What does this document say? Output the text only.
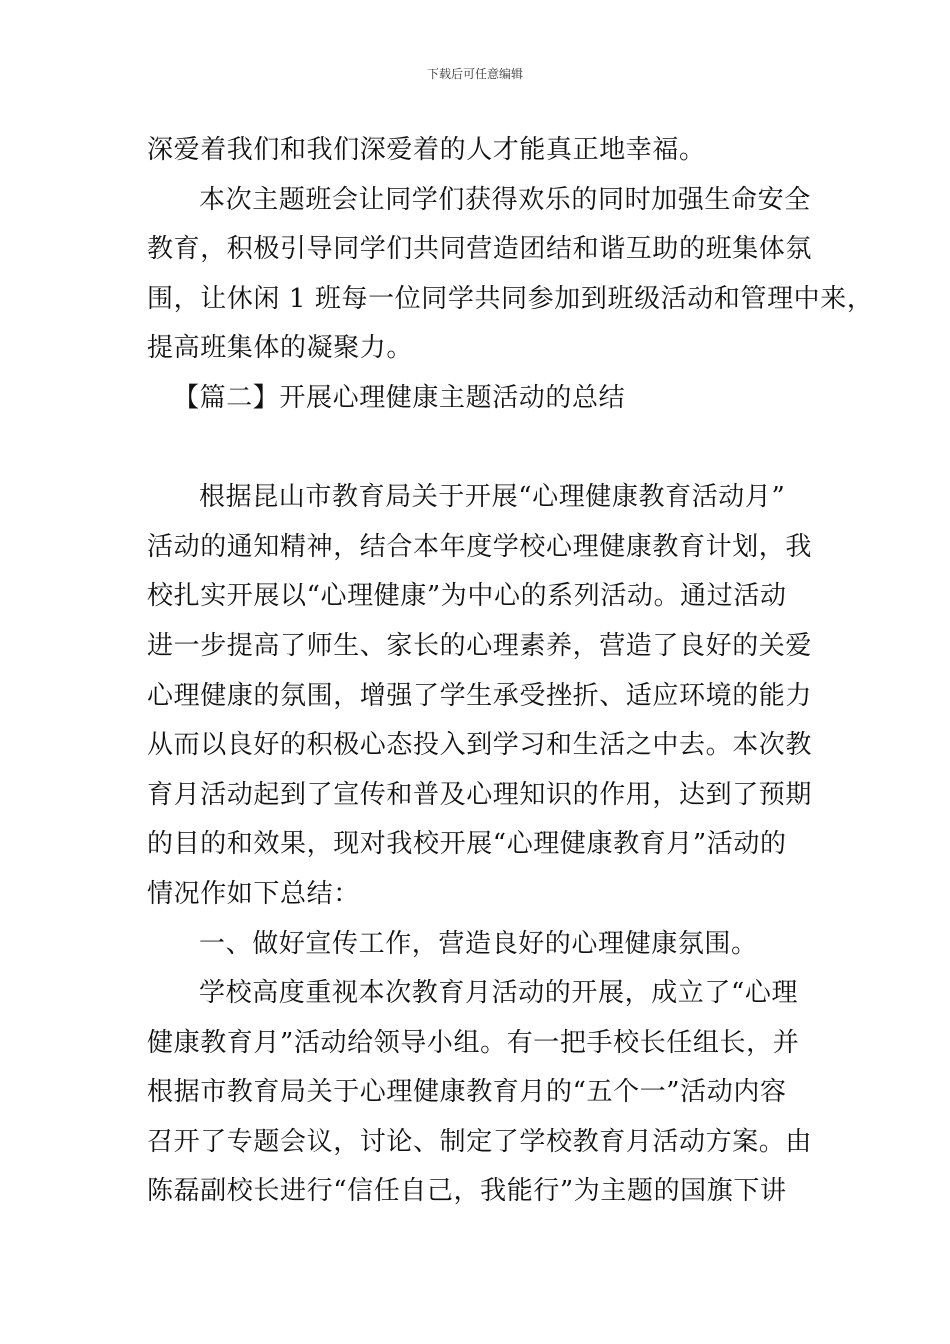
下载后可任意编辑
深爱着我们和我们深爱着的人才能真正地幸福。
本次主题班会让同学们获得欢乐的同时加强生命安全
教育，积极引导同学们共同营造团结和谐互助的班集体氛
围，让休闲 1 班每一位同学共同参加到班级活动和管理中来，
提高班集体的凝聚力。
【篇二】开展心理健康主题活动的总结
根据昆山市教育局关于开展“心理健康教育活动月”
活动的通知精神，结合本年度学校心理健康教育计划，我
校扎实开展以“心理健康”为中心的系列活动。通过活动
进一步提高了师生、家长的心理素养，营造了良好的关爱
心理健康的氛围，增强了学生承受挫折、适应环境的能力
从而以良好的积极心态投入到学习和生活之中去。本次教
育月活动起到了宣传和普及心理知识的作用，达到了预期
的目的和效果，现对我校开展“心理健康教育月”活动的
情况作如下总结：
一、做好宣传工作，营造良好的心理健康氛围。
学校高度重视本次教育月活动的开展，成立了“心理
健康教育月”活动给领导小组。有一把手校长任组长，并
根据市教育局关于心理健康教育月的“五个一”活动内容
召开了专题会议，讨论、制定了学校教育月活动方案。由
陈磊副校长进行“信任自己，我能行”为主题的国旗下讲
